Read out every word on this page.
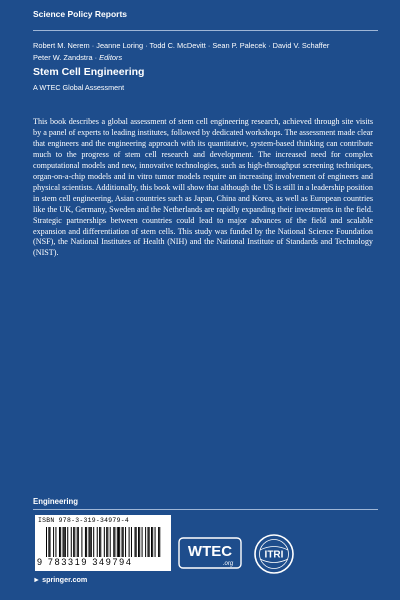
Science Policy Reports
Robert M. Nerem · Jeanne Loring · Todd C. McDevitt · Sean P. Palecek · David V. Schaffer
Peter W. Zandstra · Editors
Stem Cell Engineering
A WTEC Global Assessment

This book describes a global assessment of stem cell engineering research, achieved through site visits by a panel of experts to leading institutes, followed by dedicated workshops. The assessment made clear that engineers and the engineering approach with its quantitative, system-based thinking can contribute much to the progress of stem cell research and development. The increased need for complex computational models and new, innovative technologies, such as high-throughput screening techniques, organ-on-a-chip models and in vitro tumor models require an increasing involvement of engineers and physical scientists. Additionally, this book will show that although the US is still in a leadership position in stem cell engineering, Asian countries such as Japan, China and Korea, as well as European countries like the UK, Germany, Sweden and the Netherlands are rapidly expanding their investments in the field. Strategic partnerships between countries could lead to major advances of the field and scalable expansion and differentiation of stem cells. This study was funded by the National Science Foundation (NSF), the National Institutes of Health (NIH) and the National Institute of Standards and Technology (NIST).

Engineering
ISBN 978-3-319-34979-4
9 783319 349794
► springer.com
WTEC
.org
ITRI
